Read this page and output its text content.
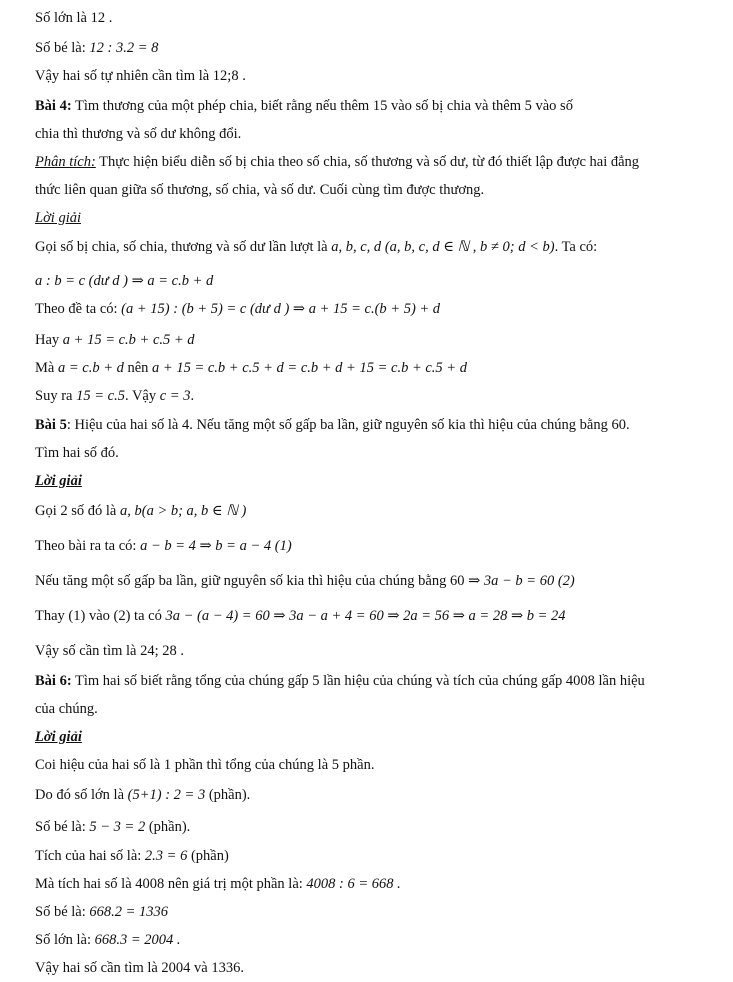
Số lớn là 12 .
Số bé là: 12 : 3.2 = 8
Vậy hai số tự nhiên cần tìm là 12;8 .
Bài 4: Tìm thương của một phép chia, biết rằng nếu thêm 15 vào số bị chia và thêm 5 vào số
chia thì thương và số dư không đổi.
Phân tích: Thực hiện biểu diễn số bị chia theo số chia, số thương và số dư, từ đó thiết lập được hai đẳng
thức liên quan giữa số thương, số chia, và số dư. Cuối cùng tìm được thương.
Lời giải
Gọi số bị chia, số chia, thương và số dư lần lượt là a, b, c, d (a, b, c, d ∈ ℕ , b ≠ 0; d < b). Ta có:
a : b = c (dư d ) ⇒ a = c.b + d
Theo đề ta có: (a + 15) : (b + 5) = c (dư d ) ⇒ a + 15 = c.(b + 5) + d
Hay a + 15 = c.b + c.5 + d
Mà a = c.b + d nên a + 15 = c.b + c.5 + d = c.b + d + 15 = c.b + c.5 + d
Suy ra 15 = c.5. Vậy c = 3.
Bài 5: Hiệu của hai số là 4. Nếu tăng một số gấp ba lần, giữ nguyên số kia thì hiệu của chúng bằng 60.
Tìm hai số đó.
Lời giải
Gọi 2 số đó là a, b(a > b; a, b ∈ ℕ )
Theo bài ra ta có: a − b = 4 ⇒ b = a − 4 (1)
Nếu tăng một số gấp ba lần, giữ nguyên số kia thì hiệu của chúng bằng 60 ⇒ 3a − b = 60 (2)
Thay (1) vào (2) ta có 3a − (a − 4) = 60 ⇒ 3a − a + 4 = 60 ⇒ 2a = 56 ⇒ a = 28 ⇒ b = 24
Vậy số cần tìm là 24; 28 .
Bài 6: Tìm hai số biết rằng tổng của chúng gấp 5 lần hiệu của chúng và tích của chúng gấp 4008 lần hiệu
của chúng.
Lời giải
Coi hiệu của hai số là 1 phần thì tổng của chúng là 5 phần.
Do đó số lớn là (5+1) : 2 = 3 (phần).
Số bé là: 5 − 3 = 2 (phần).
Tích của hai số là: 2.3 = 6 (phần)
Mà tích hai số là 4008 nên giá trị một phần là: 4008 : 6 = 668 .
Số bé là: 668.2 = 1336
Số lớn là: 668.3 = 2004 .
Vậy hai số cần tìm là 2004 và 1336.
